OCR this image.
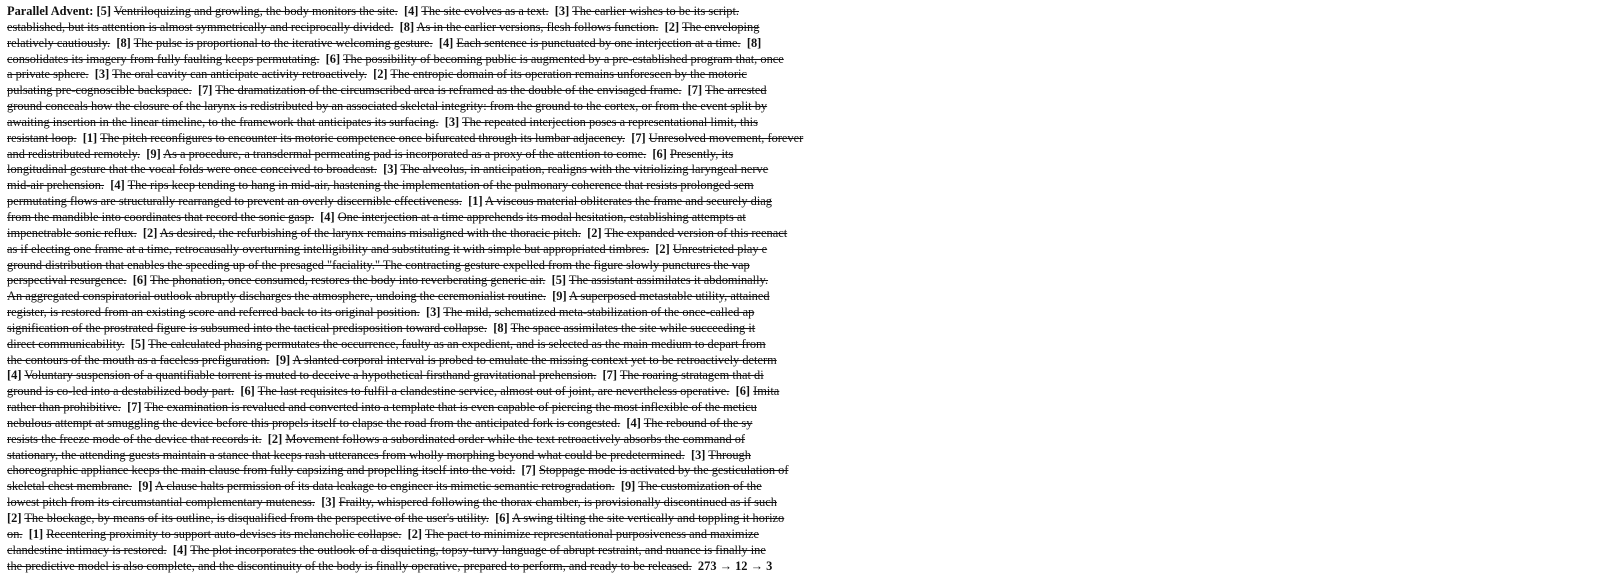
Parallel Advent: [5] Ventriloquizing and growling, the body monitors the site. [4] The site evolves as a text. [3] The earlier wishes to be its script.
established, but its attention is almost symmetrically and reciprocally divided. [8] As in the earlier versions, flesh follows function. [2] The enveloping
relatively cautiously. [8] The pulse is proportional to the iterative welcoming gesture. [4] Each sentence is punctuated by one interjection at a time. [8]
consolidates its imagery from fully faulting keeps permutating. [6] The possibility of becoming public is augmented by a pre-established program that, once
a private sphere. [3] The oral cavity can anticipate activity retroactively. [2] The entropic domain of its operation remains unforeseen by the motoric
pulsating pre-cognoscible backspace. [7] The dramatization of the circumscribed area is reframed as the double of the envisaged frame. [7] The arrested
ground conceals how the closure of the larynx is redistributed by an associated skeletal integrity: from the ground to the cortex, or from the event split by
awaiting insertion in the linear timeline, to the framework that anticipates its surfacing. [3] The repeated interjection poses a representational limit, this
resistant loop. [1] The pitch reconfigures to encounter its motoric competence once bifurcated through its lumbar adjacency. [7] Unresolved movement, forever
and redistributed remotely. [9] As a procedure, a transdermal permeating pad is incorporated as a proxy of the attention to come. [6] Presently, its
longitudinal gesture that the vocal folds were once conceived to broadcast. [3] The alveolus, in anticipation, realigns with the vitriolizing laryngeal nerve
mid-air prehension. [4] The rips keep tending to hang in mid-air, hastening the implementation of the pulmonary coherence that resists prolonged sem
permutating flows are structurally rearranged to prevent an overly discernible effectiveness. [1] A viscous material obliterates the frame and securely diag
from the mandible into coordinates that record the sonic gasp. [4] One interjection at a time apprehends its modal hesitation, establishing attempts at
impenetrable sonic reflux. [2] As desired, the refurbishing of the larynx remains misaligned with the thoracic pitch. [2] The expanded version of this reenact
as if electing one frame at a time, retrocausally overturning intelligibility and substituting it with simple but appropriated timbres. [2] Unrestricted play e
ground distribution that enables the speeding up of the presaged "faciality." The contracting gesture expelled from the figure slowly punctures the vap
perspectival resurgence. [6] The phonation, once consumed, restores the body into reverberating generic air. [5] The assistant assimilates it abdominally.
An aggregated conspiratorial outlook abruptly discharges the atmosphere, undoing the ceremonialist routine. [9] A superposed metastable utility, attained
register, is restored from an existing score and referred back to its original position. [3] The mild, schematized meta-stabilization of the once-called ap
signification of the prostrated figure is subsumed into the tactical predisposition toward collapse. [8] The space assimilates the site while succeeding it
direct communicability. [5] The calculated phasing permutates the occurrence, faulty as an expedient, and is selected as the main medium to depart from
the contours of the mouth as a faceless prefiguration. [9] A slanted corporal interval is probed to emulate the missing context yet to be retroactively determ
[4] Voluntary suspension of a quantifiable torrent is muted to deceive a hypothetical firsthand gravitational prehension. [7] The roaring stratagem that di
ground is co-led into a destabilized body part. [6] The last requisites to fulfil a clandestine service, almost out of joint, are nevertheless operative. [6] Imita
rather than prohibitive. [7] The examination is revalued and converted into a template that is even capable of piercing the most inflexible of the meticu
nebulous attempt at smuggling the device before this propels itself to elapse the road from the anticipated fork is congested. [4] The rebound of the sy
resists the freeze mode of the device that records it. [2] Movement follows a subordinated order while the text retroactively absorbs the command of
stationary, the attending guests maintain a stance that keeps rash utterances from wholly morphing beyond what could be predetermined. [3] Through
choreographic appliance keeps the main clause from fully capsizing and propelling itself into the void. [7] Stoppage mode is activated by the gesticulation of
skeletal chest membrane. [9] A clause halts permission of its data leakage to engineer its mimetic semantic retrogradation. [9] The customization of the
lowest pitch from its circumstantial complementary muteness. [3] Frailty, whispered following the thorax chamber, is provisionally discontinued as if such
[2] The blockage, by means of its outline, is disqualified from the perspective of the user's utility. [6] A swing tilting the site vertically and toppling it horizo
on. [1] Recentering proximity to support auto-devises its melancholic collapse. [2] The pact to minimize representational purposiveness and maximize
clandestine intimacy is restored. [4] The plot incorporates the outlook of a disquieting, topsy-turvy language of abrupt restraint, and nuance is finally ine
the predictive model is also complete, and the discontinuity of the body is finally operative, prepared to perform, and ready to be released. 273 → 12 → 3
